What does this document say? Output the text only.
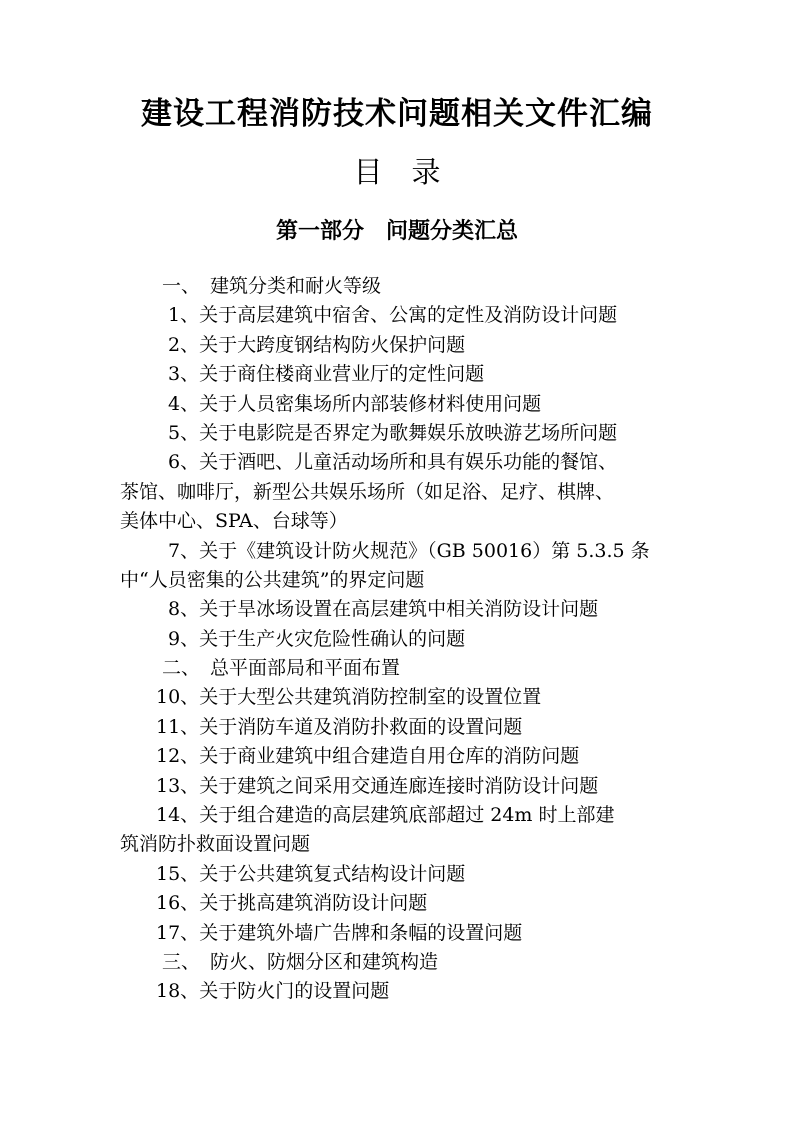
建设工程消防技术问题相关文件汇编
目　录
第一部分　问题分类汇总
一、 建筑分类和耐火等级
1、关于高层建筑中宿舍、公寓的定性及消防设计问题
2、关于大跨度钢结构防火保护问题
3、关于商住楼商业营业厅的定性问题
4、关于人员密集场所内部装修材料使用问题
5、关于电影院是否界定为歌舞娱乐放映游艺场所问题
6、关于酒吧、儿童活动场所和具有娱乐功能的餐馆、
茶馆、咖啡厅，新型公共娱乐场所（如足浴、足疗、棋牌、
美体中心、SPA、台球等）
7、关于《建筑设计防火规范》（GB 50016）第 5.3.5 条
中“人员密集的公共建筑”的界定问题
8、关于旱冰场设置在高层建筑中相关消防设计问题
9、关于生产火灾危险性确认的问题
二、 总平面部局和平面布置
10、关于大型公共建筑消防控制室的设置位置
11、关于消防车道及消防扑救面的设置问题
12、关于商业建筑中组合建造自用仓库的消防问题
13、关于建筑之间采用交通连廊连接时消防设计问题
14、关于组合建造的高层建筑底部超过 24m 时上部建
筑消防扑救面设置问题
15、关于公共建筑复式结构设计问题
16、关于挑高建筑消防设计问题
17、关于建筑外墙广告牌和条幅的设置问题
三、 防火、防烟分区和建筑构造
18、关于防火门的设置问题
